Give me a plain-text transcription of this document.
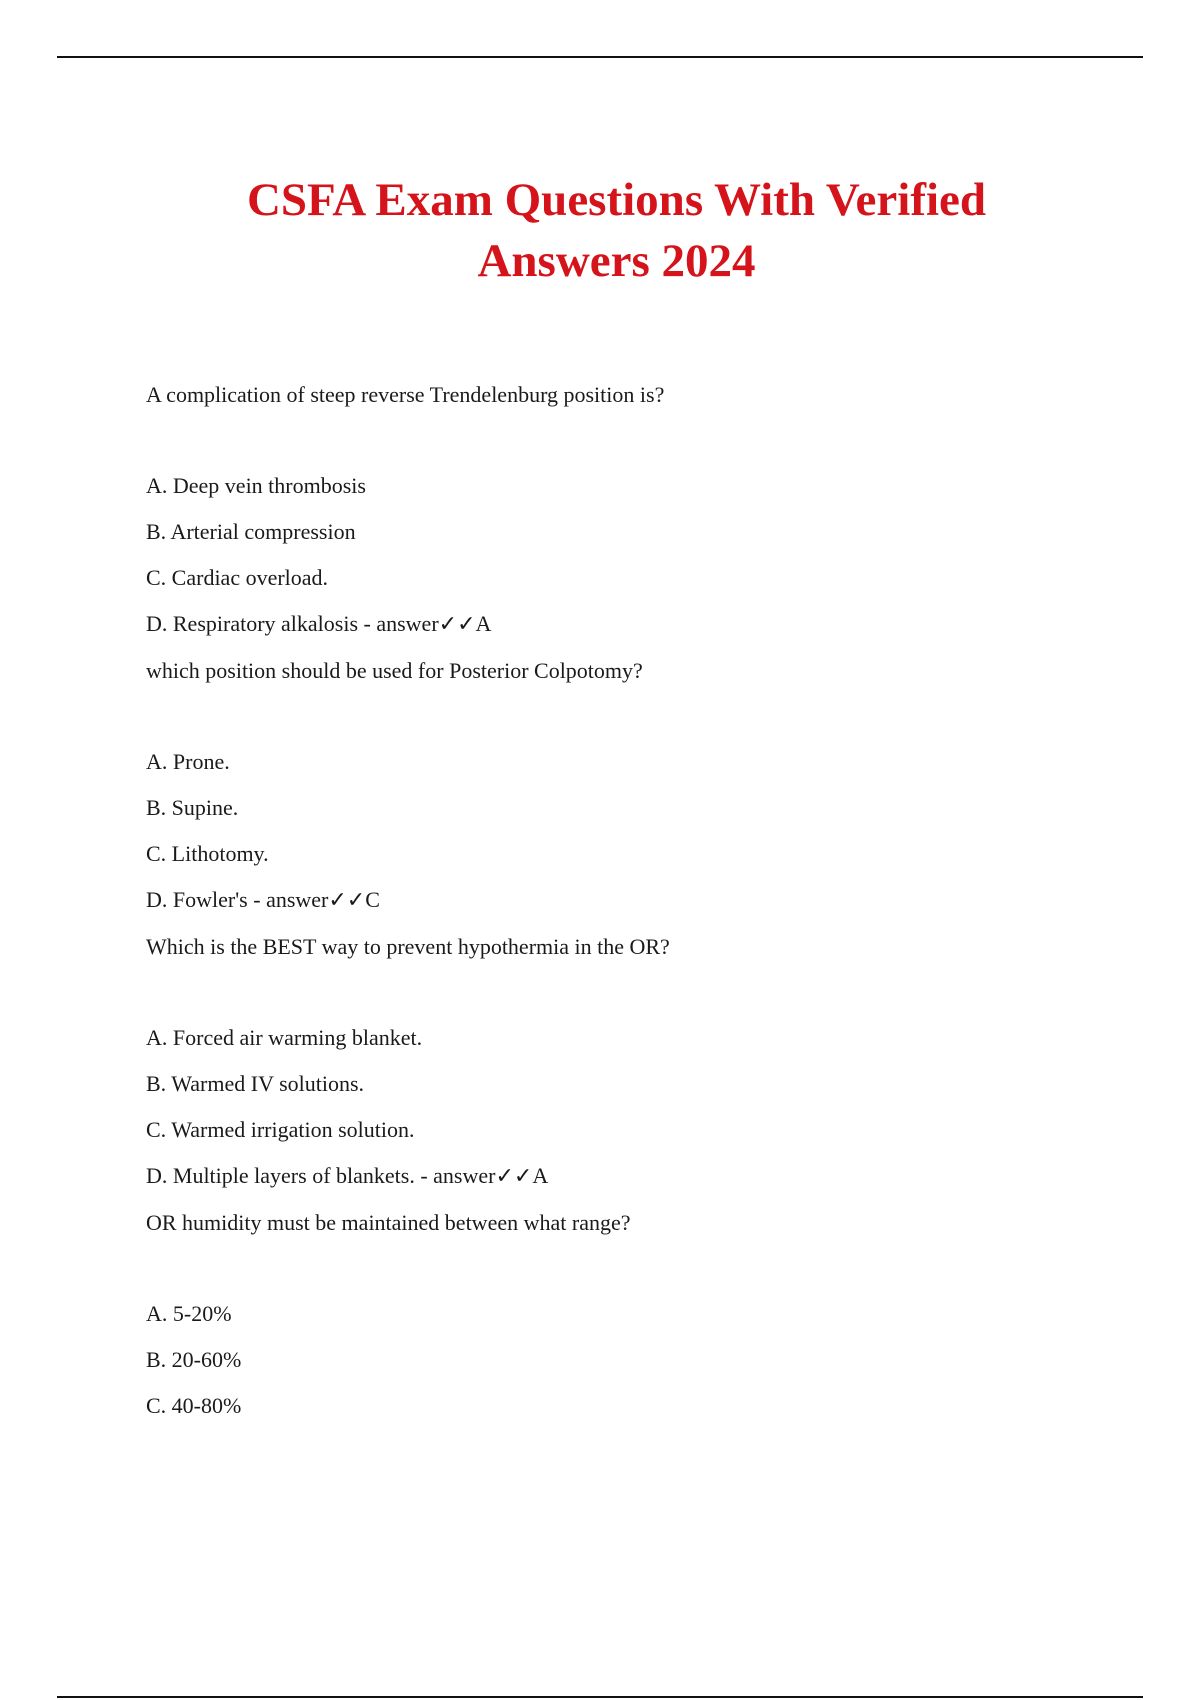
CSFA Exam Questions With Verified
Answers 2024

A complication of steep reverse Trendelenburg position is?

A. Deep vein thrombosis

B. Arterial compression

C. Cardiac overload.

D. Respiratory alkalosis - answer✓✓A

which position should be used for Posterior Colpotomy?

A. Prone.

B. Supine.

C. Lithotomy.

D. Fowler's - answer✓✓C

Which is the BEST way to prevent hypothermia in the OR?

A. Forced air warming blanket.

B. Warmed IV solutions.

C. Warmed irrigation solution.

D. Multiple layers of blankets. - answer✓✓A

OR humidity must be maintained between what range?

A. 5-20%

B. 20-60%

C. 40-80%
